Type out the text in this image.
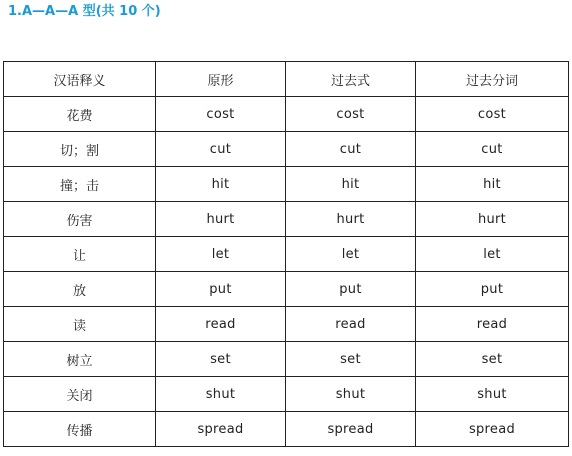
1.A—A—A 型(共 10 个)
汉语释义	原形	过去式	过去分词
花费	cost	cost	cost
切；割	cut	cut	cut
撞；击	hit	hit	hit
伤害	hurt	hurt	hurt
让	let	let	let
放	put	put	put
读	read	read	read
树立	set	set	set
关闭	shut	shut	shut
传播	spread	spread	spread
